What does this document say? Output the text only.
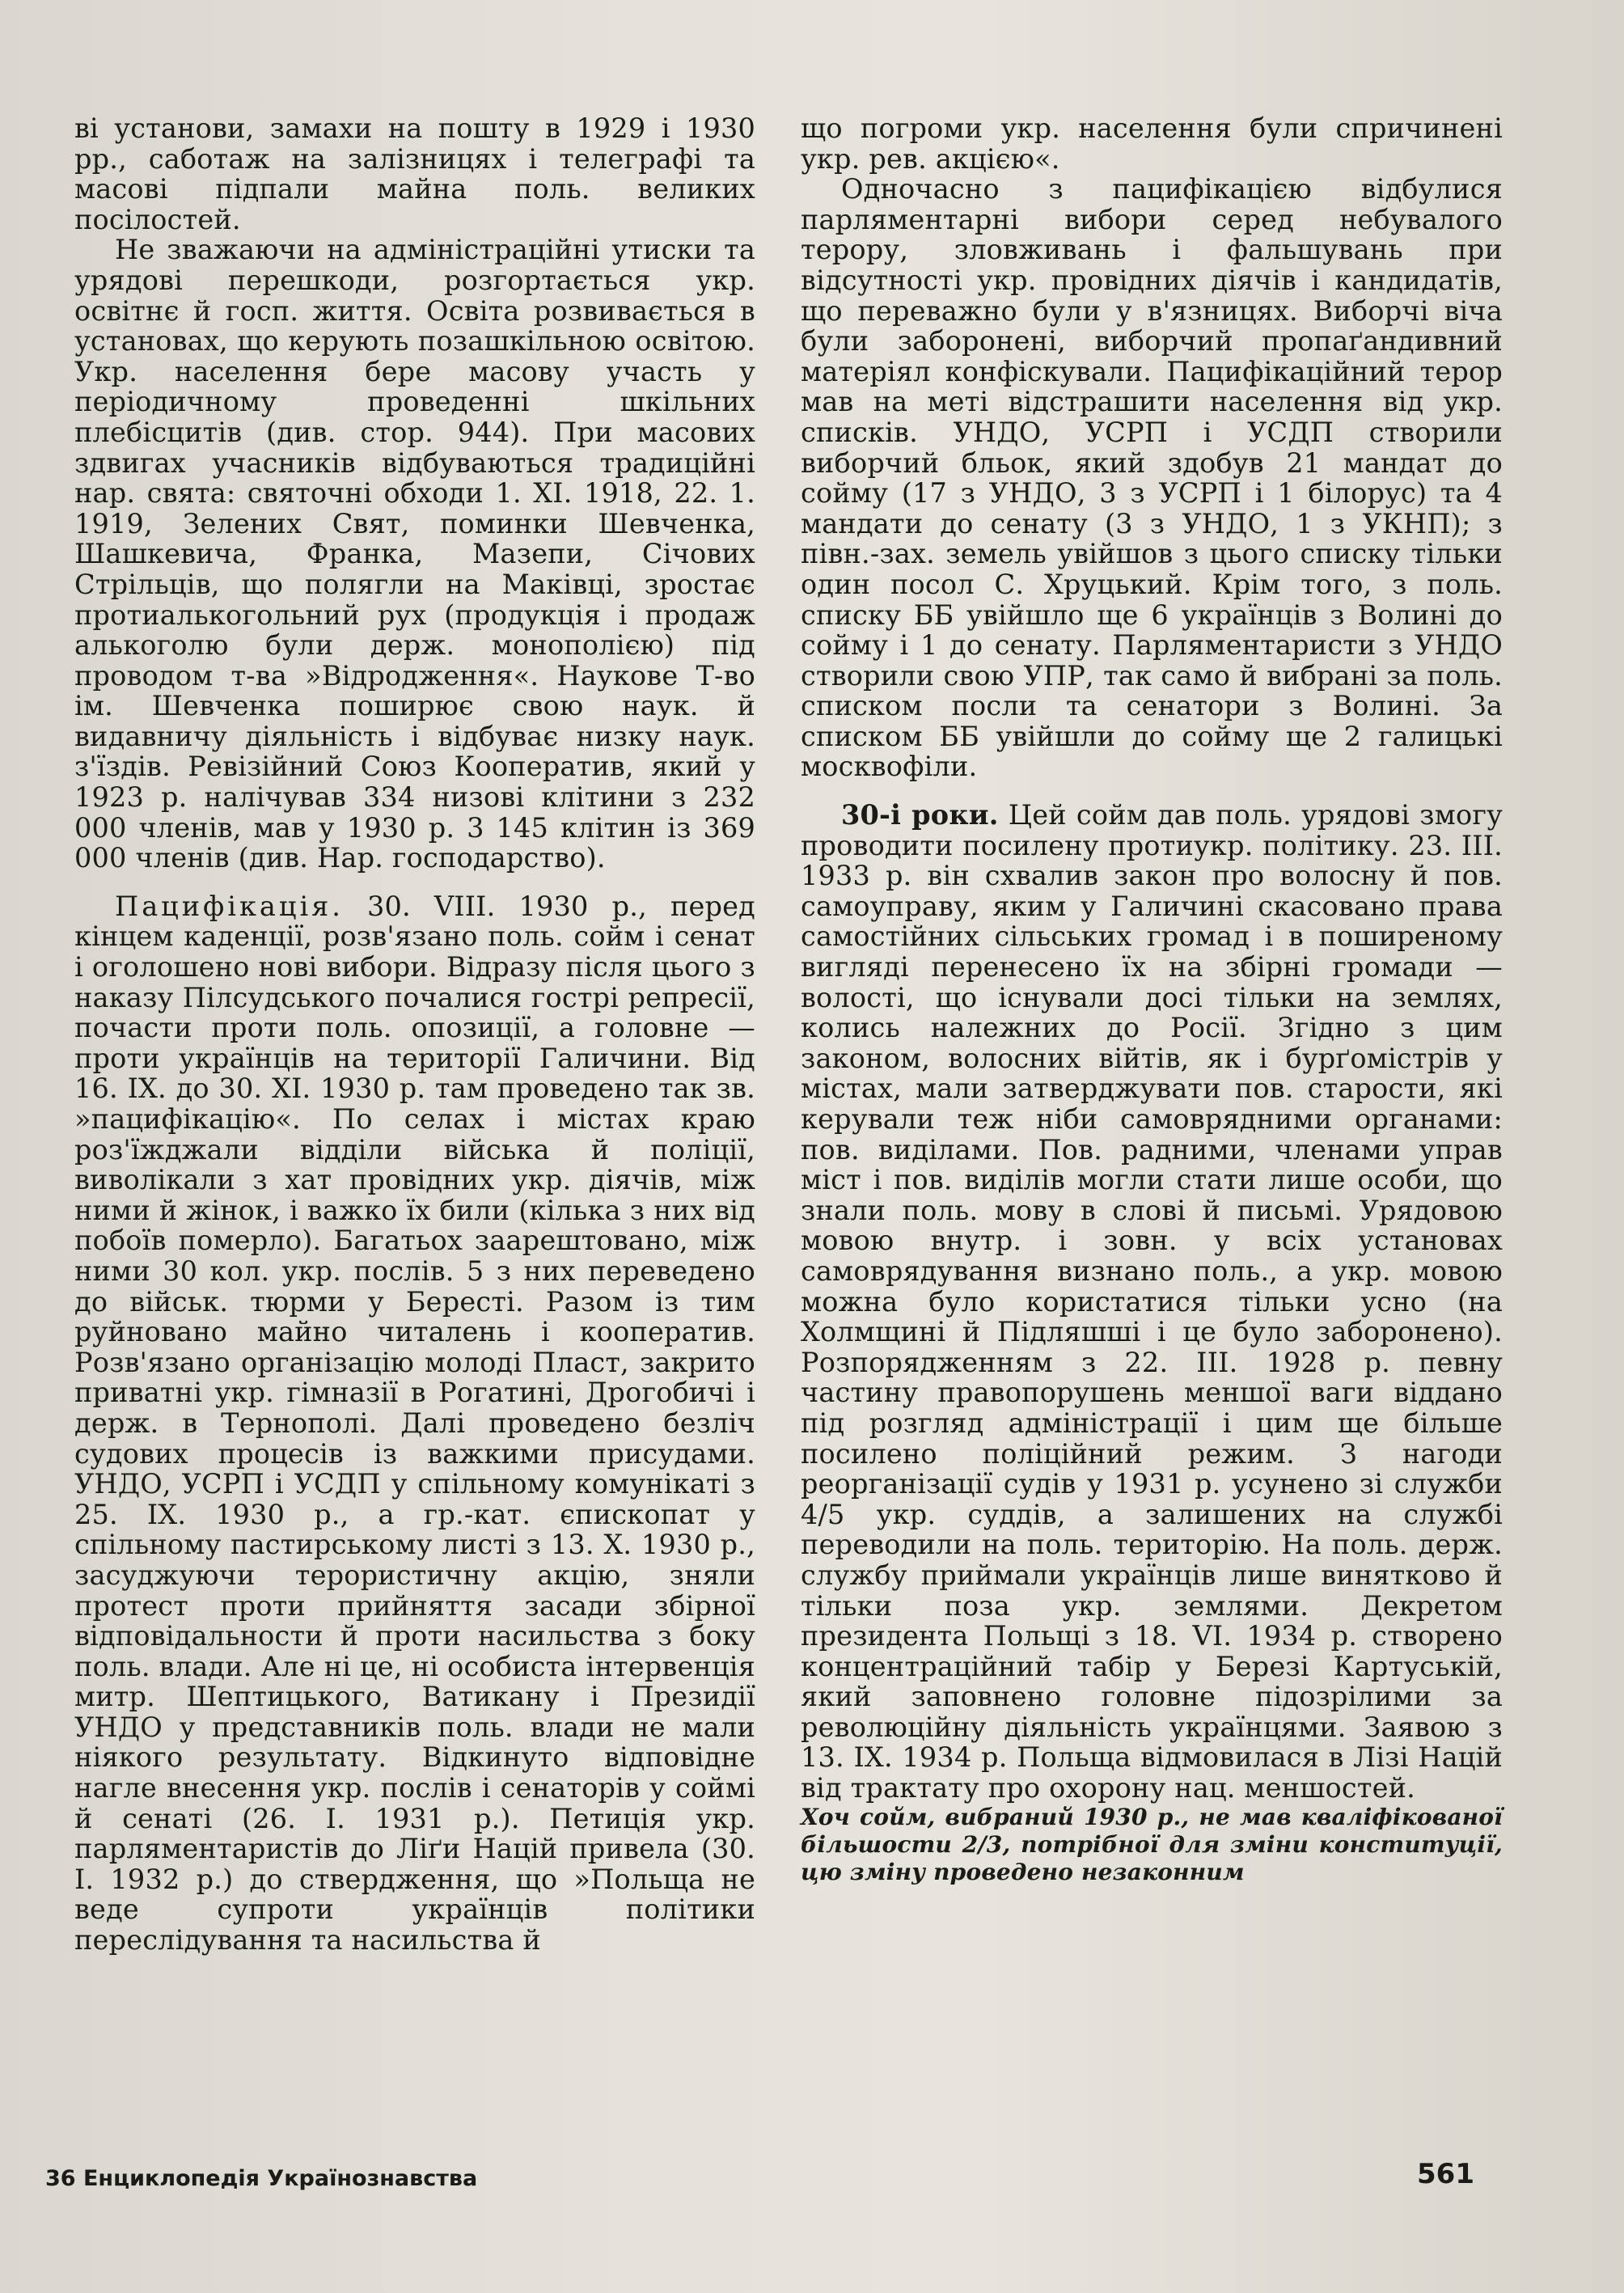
ві установи, замахи на пошту в 1929 і 1930 рр., саботаж на залізницях і телеграфі та масові підпали майна поль. великих посілостей.

Не зважаючи на адміністраційні утиски та урядові перешкоди, розгортається укр. освітнє й госп. життя. Освіта розвивається в установах, що керують позашкільною освітою. Укр. населення бере масову участь у періодичному проведенні шкільних плебісцитів (див. стор. 944). При масових здвигах учасників відбуваються традиційні нар. свята: святочні обходи 1. XI. 1918, 22. 1. 1919, Зелених Свят, поминки Шевченка, Шашкевича, Франка, Мазепи, Січових Стрільців, що полягли на Маківці, зростає протиалькогольний рух (продукція і продаж алькоголю були держ. монополією) під проводом т-ва »Відродження«. Наукове Т-во ім. Шевченка поширює свою наук. й видавничу діяльність і відбуває низку наук. з'їздів. Ревізійний Союз Кооператив, який у 1923 р. налічував 334 низові клітини з 232 000 членів, мав у 1930 р. 3 145 клітин із 369 000 членів (див. Нар. господарство).

Пацифікація. 30. VIII. 1930 р., перед кінцем каденції, розв'язано поль. сойм і сенат і оголошено нові вибори. Відразу після цього з наказу Пілсудського почалися гострі репресії, почасти проти поль. опозиції, а головне — проти українців на території Галичини. Від 16. IX. до 30. XI. 1930 р. там проведено так зв. »пацифікацію«. По селах і містах краю роз'їжджали відділи війська й поліції, виволікали з хат провідних укр. діячів, між ними й жінок, і важко їх били (кілька з них від побоїв померло). Багатьох заарештовано, між ними 30 кол. укр. послів. 5 з них переведено до військ. тюрми у Бересті. Разом із тим руйновано майно читалень і кооператив. Розв'язано організацію молоді Пласт, закрито приватні укр. гімназії в Рогатині, Дрогобичі і держ. в Тернополі. Далі проведено безліч судових процесів із важкими присудами. УНДО, УСРП і УСДП у спільному комунікаті з 25. IX. 1930 р., а гр.-кат. єпископат у спільному пастирському листі з 13. X. 1930 р., засуджуючи терористичну акцію, зняли протест проти прийняття засади збірної відповідальности й проти насильства з боку поль. влади. Але ні це, ні особиста інтервенція митр. Шептицького, Ватикану і Президії УНДО у представників поль. влади не мали ніякого результату. Відкинуто відповідне нагле внесення укр. послів і сенаторів у соймі й сенаті (26. I. 1931 р.). Петиція укр. парляментаристів до Ліґи Націй привела (30. I. 1932 р.) до ствердження, що »Польща не веде супроти українців політики переслідування та насильства й

що погроми укр. населення були спричинені укр. рев. акцією«.

Одночасно з пацифікацією відбулися парляментарні вибори серед небувалого терору, зловживань і фальшувань при відсутності укр. провідних діячів і кандидатів, що переважно були у в'язницях. Виборчі віча були заборонені, виборчий пропаґандивний матеріял конфіскували. Пацифікаційний терор мав на меті відстрашити населення від укр. списків. УНДО, УСРП і УСДП створили виборчий бльок, який здобув 21 мандат до сойму (17 з УНДО, 3 з УСРП і 1 білорус) та 4 мандати до сенату (3 з УНДО, 1 з УКНП); з півн.-зах. земель увійшов з цього списку тільки один посол С. Хруцький. Крім того, з поль. списку ББ увійшло ще 6 українців з Волині до сойму і 1 до сенату. Парляментаристи з УНДО створили свою УПР, так само й вибрані за поль. списком посли та сенатори з Волині. За списком ББ увійшли до сойму ще 2 галицькі москвофіли.

30-і роки. Цей сойм дав поль. урядові змогу проводити посилену протиукр. політику. 23. III. 1933 р. він схвалив закон про волосну й пов. самоуправу, яким у Галичині скасовано права самостійних сільських громад і в поширеному вигляді перенесено їх на збірні громади — волості, що існували досі тільки на землях, колись належних до Росії. Згідно з цим законом, волосних війтів, як і бурґомістрів у містах, мали затверджувати пов. старости, які керували теж ніби самоврядними органами: пов. виділами. Пов. радними, членами управ міст і пов. виділів могли стати лише особи, що знали поль. мову в слові й письмі. Урядовою мовою внутр. і зовн. у всіх установах самоврядування визнано поль., а укр. мовою можна було користатися тільки усно (на Холмщині й Підляшші і це було заборонено). Розпорядженням з 22. III. 1928 р. певну частину правопорушень меншої ваги віддано під розгляд адміністрації і цим ще більше посилено поліційний режим. З нагоди реорганізації судів у 1931 р. усунено зі служби 4/5 укр. суддів, а залишених на службі переводили на поль. територію. На поль. держ. службу приймали українців лише винятково й тільки поза укр. землями. Декретом президента Польщі з 18. VI. 1934 р. створено концентраційний табір у Березі Картуській, який заповнено головне підозрілими за революційну діяльність українцями. Заявою з 13. IX. 1934 р. Польща відмовилася в Лізі Націй від трактату про охорону нац. меншостей.

Хоч сойм, вибраний 1930 р., не мав кваліфікованої більшости 2/3, потрібної для зміни конституції, цю зміну проведено незаконним

36 Енциклопедія Українознавства	561
